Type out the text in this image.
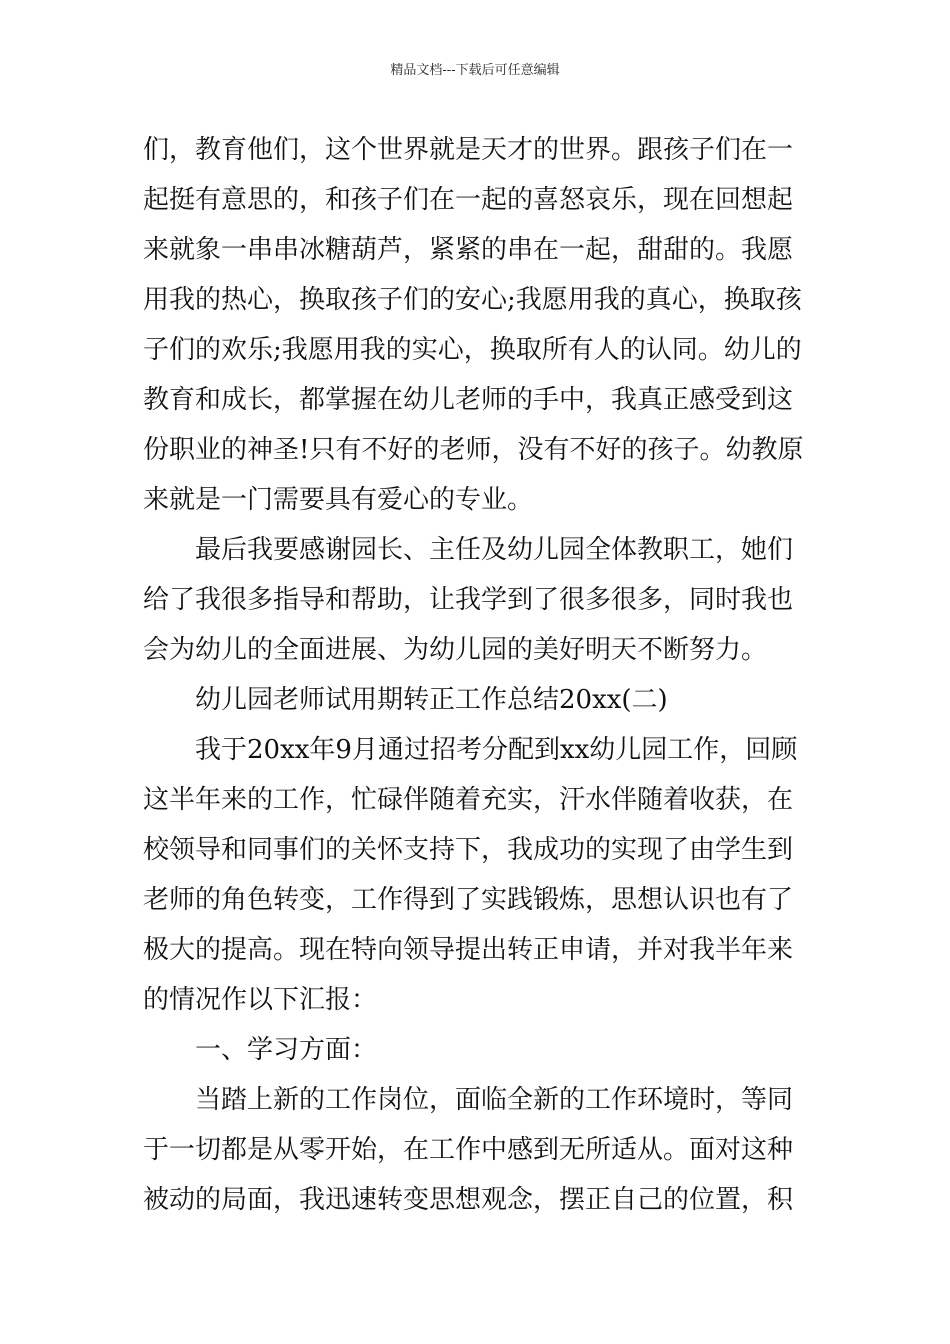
精品文档---下载后可任意编辑
们，教育他们，这个世界就是天才的世界。跟孩子们在一
起挺有意思的，和孩子们在一起的喜怒哀乐，现在回想起
来就象一串串冰糖葫芦，紧紧的串在一起，甜甜的。我愿
用我的热心，换取孩子们的安心;我愿用我的真心，换取孩
子们的欢乐;我愿用我的实心，换取所有人的认同。幼儿的
教育和成长，都掌握在幼儿老师的手中，我真正感受到这
份职业的神圣!只有不好的老师，没有不好的孩子。幼教原
来就是一门需要具有爱心的专业。
　　最后我要感谢园长、主任及幼儿园全体教职工，她们
给了我很多指导和帮助，让我学到了很多很多，同时我也
会为幼儿的全面进展、为幼儿园的美好明天不断努力。
　　幼儿园老师试用期转正工作总结20xx(二)
　　我于20xx年9月通过招考分配到xx幼儿园工作，回顾
这半年来的工作，忙碌伴随着充实，汗水伴随着收获，在
校领导和同事们的关怀支持下，我成功的实现了由学生到
老师的角色转变，工作得到了实践锻炼，思想认识也有了
极大的提高。现在特向领导提出转正申请，并对我半年来
的情况作以下汇报：
　　一、学习方面：
　　当踏上新的工作岗位，面临全新的工作环境时，等同
于一切都是从零开始，在工作中感到无所适从。面对这种
被动的局面，我迅速转变思想观念，摆正自己的位置，积
